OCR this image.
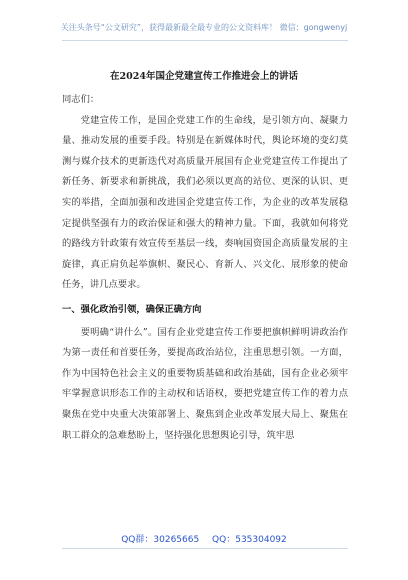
关注头条号“公文研究”，获得最新最全最专业的公文资料库！ 微信：gongwenyj
在2024年国企党建宣传工作推进会上的讲话

同志们：

党建宣传工作，是国企党建工作的生命线，是引领方向、凝聚力量、推动发展的重要手段。特别是在新媒体时代，舆论环境的变幻莫测与媒介技术的更新迭代对高质量开展国有企业党建宣传工作提出了新任务、新要求和新挑战，我们必须以更高的站位、更深的认识、更实的举措，全面加强和改进国企党建宣传工作，为企业的改革发展稳定提供坚强有力的政治保证和强大的精神力量。下面，我就如何将党的路线方针政策有效宣传至基层一线，奏响国资国企高质量发展的主旋律，真正肩负起举旗帜、聚民心、育新人、兴文化、展形象的使命任务，讲几点要求。

一、强化政治引领，确保正确方向

要明确“讲什么”。国有企业党建宣传工作要把旗帜鲜明讲政治作为第一责任和首要任务，要提高政治站位，注重思想引领。一方面，作为中国特色社会主义的重要物质基础和政治基础，国有企业必须牢牢掌握意识形态工作的主动权和话语权，要把党建宣传工作的着力点聚焦在党中央重大决策部署上、聚焦到企业改革发展大局上、聚焦在职工群众的急难愁盼上，坚持强化思想舆论引导，筑牢思

QQ群：30265665 QQ：535304092
